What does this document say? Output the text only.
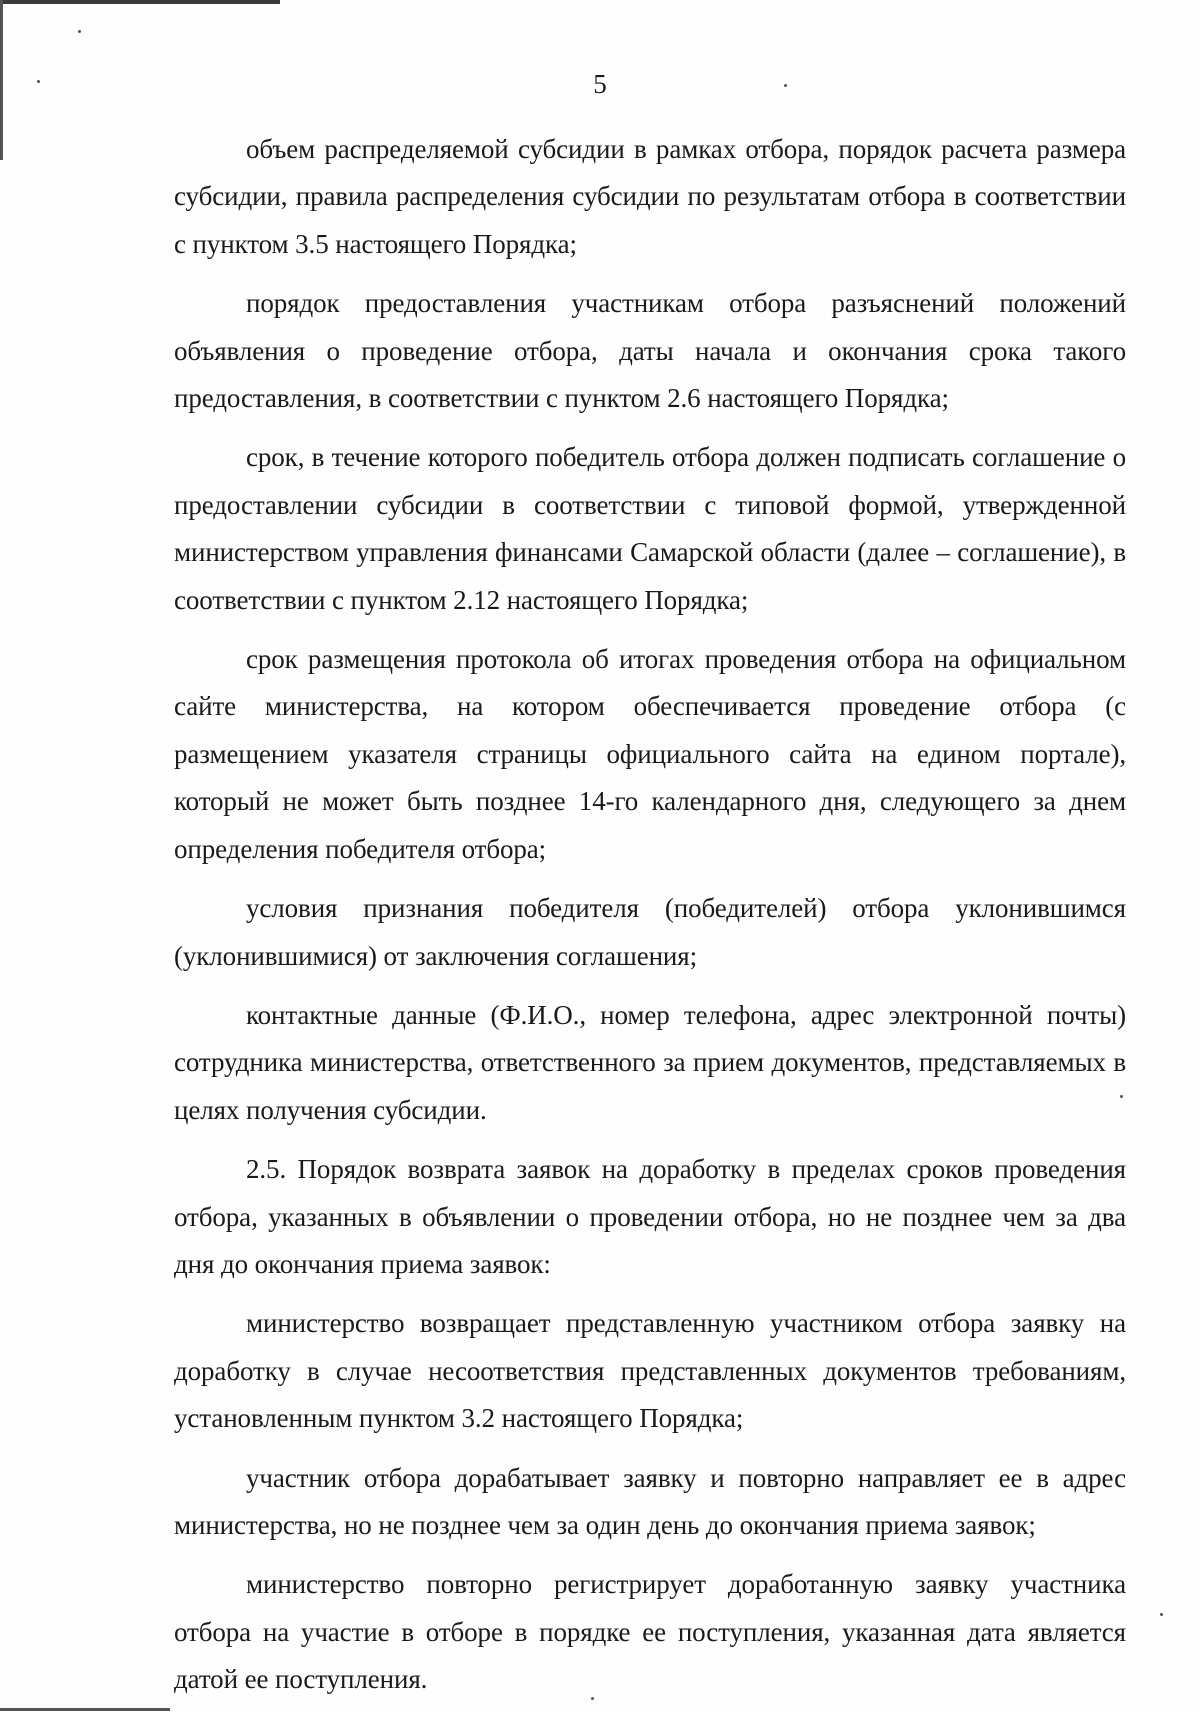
5

объем распределяемой субсидии в рамках отбора, порядок расчета размера субсидии, правила распределения субсидии по результатам отбора в соответствии с пунктом 3.5 настоящего Порядка;

порядок предоставления участникам отбора разъяснений положений объявления о проведение отбора, даты начала и окончания срока такого предоставления, в соответствии с пунктом 2.6 настоящего Порядка;

срок, в течение которого победитель отбора должен подписать соглашение о предоставлении субсидии в соответствии с типовой формой, утвержденной министерством управления финансами Самарской области (далее – соглашение), в соответствии с пунктом 2.12 настоящего Порядка;

срок размещения протокола об итогах проведения отбора на официальном сайте министерства, на котором обеспечивается проведение отбора (с размещением указателя страницы официального сайта на едином портале), который не может быть позднее 14-го календарного дня, следующего за днем определения победителя отбора;

условия признания победителя (победителей) отбора уклонившимся (уклонившимися) от заключения соглашения;

контактные данные (Ф.И.О., номер телефона, адрес электронной почты) сотрудника министерства, ответственного за прием документов, представляемых в целях получения субсидии.

2.5. Порядок возврата заявок на доработку в пределах сроков проведения отбора, указанных в объявлении о проведении отбора, но не позднее чем за два дня до окончания приема заявок:

министерство возвращает представленную участником отбора заявку на доработку в случае несоответствия представленных документов требованиям, установленным пунктом 3.2 настоящего Порядка;

участник отбора дорабатывает заявку и повторно направляет ее в адрес министерства, но не позднее чем за один день до окончания приема заявок;

министерство повторно регистрирует доработанную заявку участника отбора на участие в отборе в порядке ее поступления, указанная дата является датой ее поступления.
